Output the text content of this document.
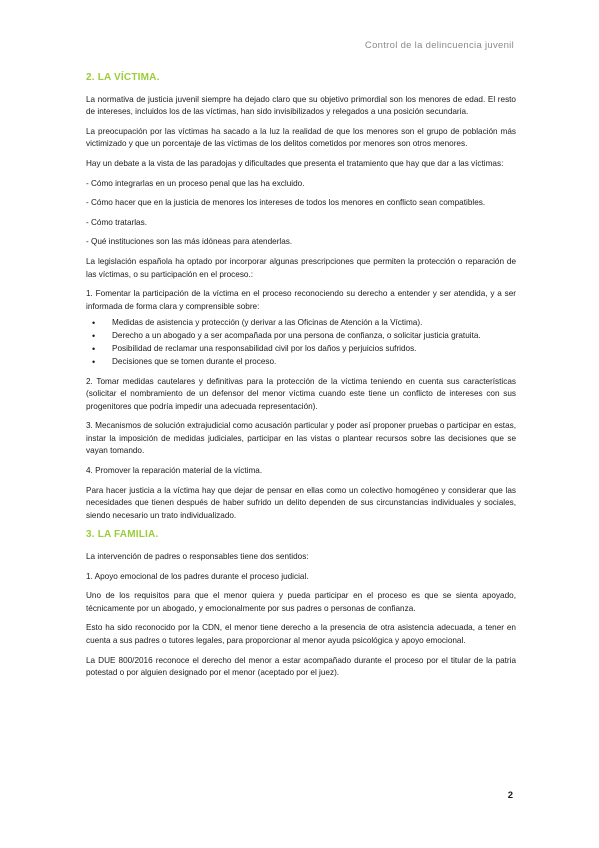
Control de la delincuencia juvenil
2. LA VÍCTIMA.

La normativa de justicia juvenil siempre ha dejado claro que su objetivo primordial son los menores de edad. El resto de intereses, incluidos los de las víctimas, han sido invisibilizados y relegados a una posición secundaria.

La preocupación por las víctimas ha sacado a la luz la realidad de que los menores son el grupo de población más victimizado y que un porcentaje de las víctimas de los delitos cometidos por menores son otros menores.

Hay un debate a la vista de las paradojas y dificultades que presenta el tratamiento que hay que dar a las víctimas:

- Cómo integrarlas en un proceso penal que las ha excluido.
- Cómo hacer que en la justicia de menores los intereses de todos los menores en conflicto sean compatibles.
- Cómo tratarlas.
- Qué instituciones son las más idóneas para atenderlas.

La legislación española ha optado por incorporar algunas prescripciones que permiten la protección o reparación de las víctimas, o su participación en el proceso.:

1. Fomentar la participación de la víctima en el proceso reconociendo su derecho a entender y ser atendida, y a ser informada de forma clara y comprensible sobre:

• Medidas de asistencia y protección (y derivar a las Oficinas de Atención a la Víctima).
• Derecho a un abogado y a ser acompañada por una persona de confianza, o solicitar justicia gratuita.
• Posibilidad de reclamar una responsabilidad civil por los daños y perjuicios sufridos.
• Decisiones que se tomen durante el proceso.

2. Tomar medidas cautelares y definitivas para la protección de la víctima teniendo en cuenta sus características (solicitar el nombramiento de un defensor del menor víctima cuando este tiene un conflicto de intereses con sus progenitores que podría impedir una adecuada representación).

3. Mecanismos de solución extrajudicial como acusación particular y poder así proponer pruebas o participar en estas, instar la imposición de medidas judiciales, participar en las vistas o plantear recursos sobre las decisiones que se vayan tomando.

4. Promover la reparación material de la víctima.

Para hacer justicia a la víctima hay que dejar de pensar en ellas como un colectivo homogéneo y considerar que las necesidades que tienen después de haber sufrido un delito dependen de sus circunstancias individuales y sociales, siendo necesario un trato individualizado.

3. LA FAMILIA.

La intervención de padres o responsables tiene dos sentidos:

1. Apoyo emocional de los padres durante el proceso judicial.

Uno de los requisitos para que el menor quiera y pueda participar en el proceso es que se sienta apoyado, técnicamente por un abogado, y emocionalmente por sus padres o personas de confianza.

Esto ha sido reconocido por la CDN, el menor tiene derecho a la presencia de otra asistencia adecuada, a tener en cuenta a sus padres o tutores legales, para proporcionar al menor ayuda psicológica y apoyo emocional.

La DUE 800/2016 reconoce el derecho del menor a estar acompañado durante el proceso por el titular de la patria potestad o por alguien designado por el menor (aceptado por el juez).

2
